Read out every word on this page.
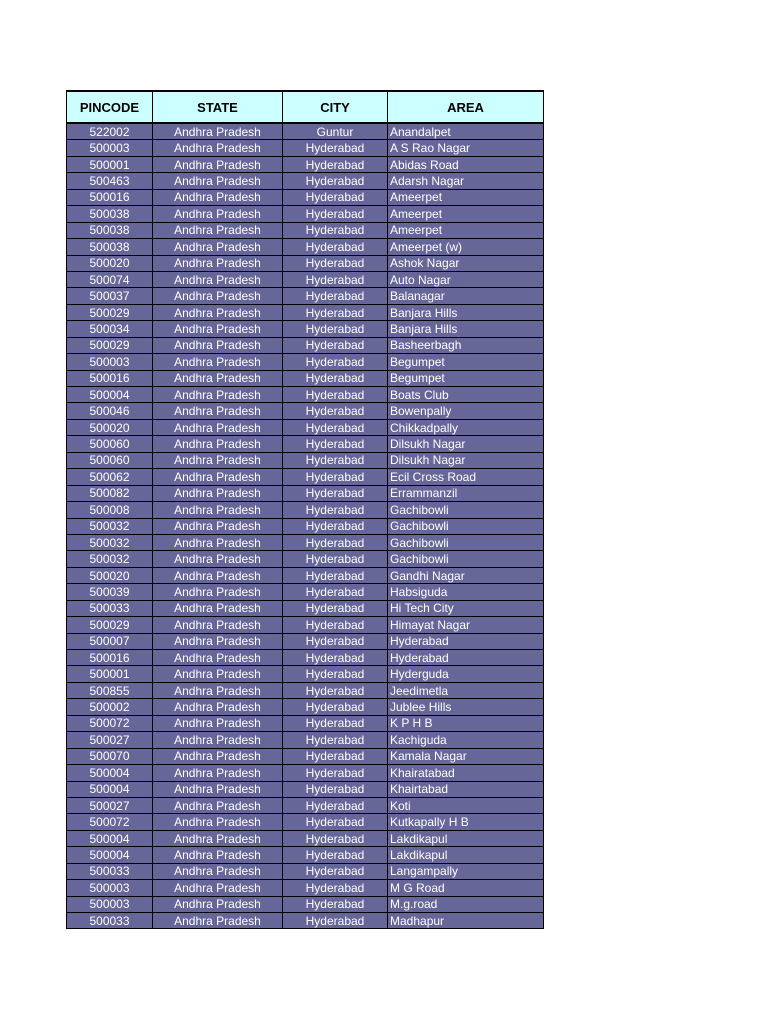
PINCODE	STATE	CITY	AREA
522002	Andhra Pradesh	Guntur	Anandalpet
500003	Andhra Pradesh	Hyderabad	A S Rao Nagar
500001	Andhra Pradesh	Hyderabad	Abidas Road
500463	Andhra Pradesh	Hyderabad	Adarsh Nagar
500016	Andhra Pradesh	Hyderabad	Ameerpet
500038	Andhra Pradesh	Hyderabad	Ameerpet
500038	Andhra Pradesh	Hyderabad	Ameerpet
500038	Andhra Pradesh	Hyderabad	Ameerpet (w)
500020	Andhra Pradesh	Hyderabad	Ashok Nagar
500074	Andhra Pradesh	Hyderabad	Auto Nagar
500037	Andhra Pradesh	Hyderabad	Balanagar
500029	Andhra Pradesh	Hyderabad	Banjara Hills
500034	Andhra Pradesh	Hyderabad	Banjara Hills
500029	Andhra Pradesh	Hyderabad	Basheerbagh
500003	Andhra Pradesh	Hyderabad	Begumpet
500016	Andhra Pradesh	Hyderabad	Begumpet
500004	Andhra Pradesh	Hyderabad	Boats Club
500046	Andhra Pradesh	Hyderabad	Bowenpally
500020	Andhra Pradesh	Hyderabad	Chikkadpally
500060	Andhra Pradesh	Hyderabad	Dilsukh Nagar
500060	Andhra Pradesh	Hyderabad	Dilsukh Nagar
500062	Andhra Pradesh	Hyderabad	Ecil Cross Road
500082	Andhra Pradesh	Hyderabad	Errammanzil
500008	Andhra Pradesh	Hyderabad	Gachibowli
500032	Andhra Pradesh	Hyderabad	Gachibowli
500032	Andhra Pradesh	Hyderabad	Gachibowli
500032	Andhra Pradesh	Hyderabad	Gachibowli
500020	Andhra Pradesh	Hyderabad	Gandhi Nagar
500039	Andhra Pradesh	Hyderabad	Habsiguda
500033	Andhra Pradesh	Hyderabad	Hi Tech City
500029	Andhra Pradesh	Hyderabad	Himayat Nagar
500007	Andhra Pradesh	Hyderabad	Hyderabad
500016	Andhra Pradesh	Hyderabad	Hyderabad
500001	Andhra Pradesh	Hyderabad	Hyderguda
500855	Andhra Pradesh	Hyderabad	Jeedimetla
500002	Andhra Pradesh	Hyderabad	Jublee Hills
500072	Andhra Pradesh	Hyderabad	K P H B
500027	Andhra Pradesh	Hyderabad	Kachiguda
500070	Andhra Pradesh	Hyderabad	Kamala Nagar
500004	Andhra Pradesh	Hyderabad	Khairatabad
500004	Andhra Pradesh	Hyderabad	Khairtabad
500027	Andhra Pradesh	Hyderabad	Koti
500072	Andhra Pradesh	Hyderabad	Kutkapally H B
500004	Andhra Pradesh	Hyderabad	Lakdikapul
500004	Andhra Pradesh	Hyderabad	Lakdikapul
500033	Andhra Pradesh	Hyderabad	Langampally
500003	Andhra Pradesh	Hyderabad	M G Road
500003	Andhra Pradesh	Hyderabad	M.g.road
500033	Andhra Pradesh	Hyderabad	Madhapur
